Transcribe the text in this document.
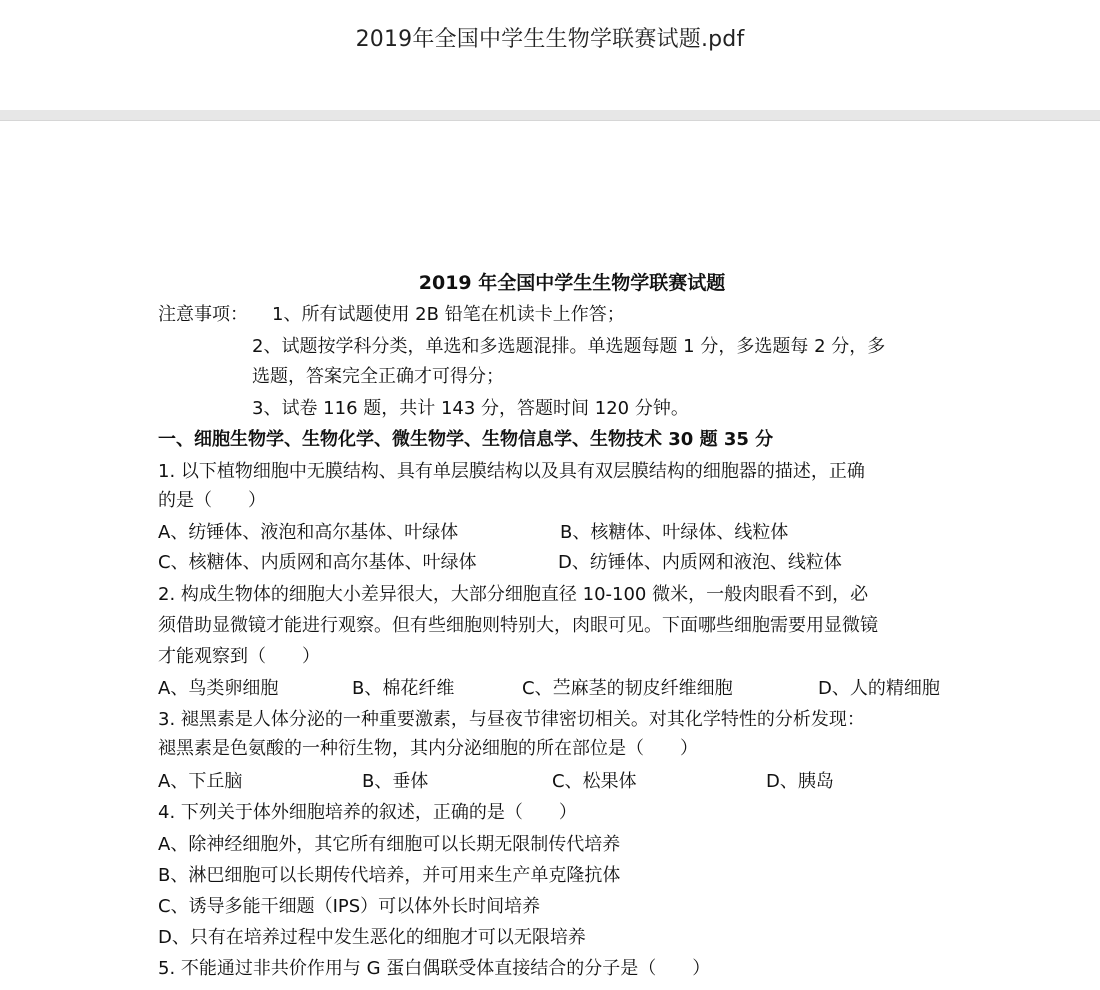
2019年全国中学生生物学联赛试题.pdf
2019 年全国中学生生物学联赛试题
注意事项： 1、所有试题使用 2B 铅笔在机读卡上作答；
2、试题按学科分类，单选和多选题混排。单选题每题 1 分，多选题每 2 分，多
选题，答案完全正确才可得分；
3、试卷 116 题，共计 143 分，答题时间 120 分钟。
一、细胞生物学、生物化学、微生物学、生物信息学、生物技术 30 题 35 分
1. 以下植物细胞中无膜结构、具有单层膜结构以及具有双层膜结构的细胞器的描述，正确
的是（　　）
A、纺锤体、液泡和高尔基体、叶绿体	B、核糖体、叶绿体、线粒体
C、核糖体、内质网和高尔基体、叶绿体	D、纺锤体、内质网和液泡、线粒体
2. 构成生物体的细胞大小差异很大，大部分细胞直径 10-100 微米，一般肉眼看不到，必
须借助显微镜才能进行观察。但有些细胞则特别大，肉眼可见。下面哪些细胞需要用显微镜
才能观察到（　　）
A、鸟类卵细胞	B、棉花纤维	C、苎麻茎的韧皮纤维细胞	D、人的精细胞
3. 褪黑素是人体分泌的一种重要激素，与昼夜节律密切相关。对其化学特性的分析发现：
褪黑素是色氨酸的一种衍生物，其内分泌细胞的所在部位是（　　）
A、下丘脑	B、垂体	C、松果体	D、胰岛
4. 下列关于体外细胞培养的叙述，正确的是（　　）
A、除神经细胞外，其它所有细胞可以长期无限制传代培养
B、淋巴细胞可以长期传代培养，并可用来生产单克隆抗体
C、诱导多能干细题（IPS）可以体外长时间培养
D、只有在培养过程中发生恶化的细胞才可以无限培养
5. 不能通过非共价作用与 G 蛋白偶联受体直接结合的分子是（　　）
